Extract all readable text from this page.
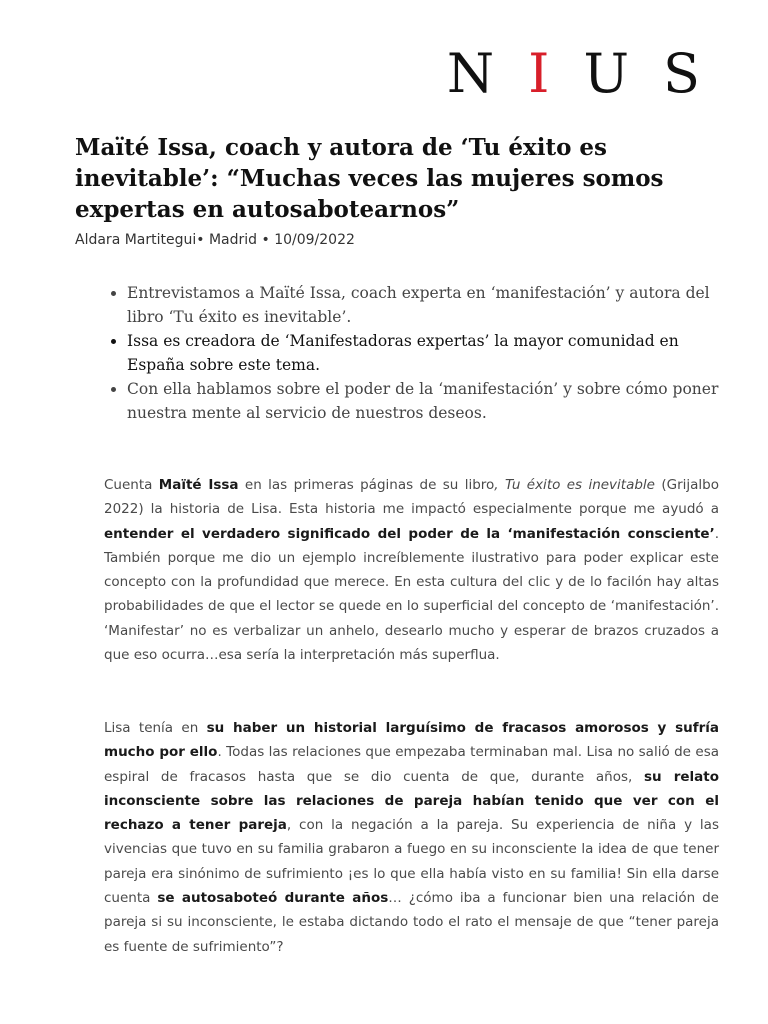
NIUS
Maïté Issa, coach y autora de ‘Tu éxito es inevitable’: “Muchas veces las mujeres somos expertas en autosabotearnos”
Aldara Martitegui• Madrid • 10/09/2022
• Entrevistamos a Maïté Issa, coach experta en ‘manifestación’ y autora del libro ‘Tu éxito es inevitable’.
• Issa es creadora de ‘Manifestadoras expertas’ la mayor comunidad en España sobre este tema.
• Con ella hablamos sobre el poder de la ‘manifestación’ y sobre cómo poner nuestra mente al servicio de nuestros deseos.

Cuenta Maïté Issa en las primeras páginas de su libro, Tu éxito es inevitable (Grijalbo 2022) la historia de Lisa. Esta historia me impactó especialmente porque me ayudó a entender el verdadero significado del poder de la ‘manifestación consciente’. También porque me dio un ejemplo increíblemente ilustrativo para poder explicar este concepto con la profundidad que merece. En esta cultura del clic y de lo facilón hay altas probabilidades de que el lector se quede en lo superficial del concepto de ‘manifestación’. ‘Manifestar’ no es verbalizar un anhelo, desearlo mucho y esperar de brazos cruzados a que eso ocurra…esa sería la interpretación más superflua.

Lisa tenía en su haber un historial larguísimo de fracasos amorosos y sufría mucho por ello. Todas las relaciones que empezaba terminaban mal. Lisa no salió de esa espiral de fracasos hasta que se dio cuenta de que, durante años, su relato inconsciente sobre las relaciones de pareja habían tenido que ver con el rechazo a tener pareja, con la negación a la pareja. Su experiencia de niña y las vivencias que tuvo en su familia grabaron a fuego en su inconsciente la idea de que tener pareja era sinónimo de sufrimiento ¡es lo que ella había visto en su familia! Sin ella darse cuenta se autosaboteó durante años… ¿cómo iba a funcionar bien una relación de pareja si su inconsciente, le estaba dictando todo el rato el mensaje de que “tener pareja es fuente de sufrimiento”?
